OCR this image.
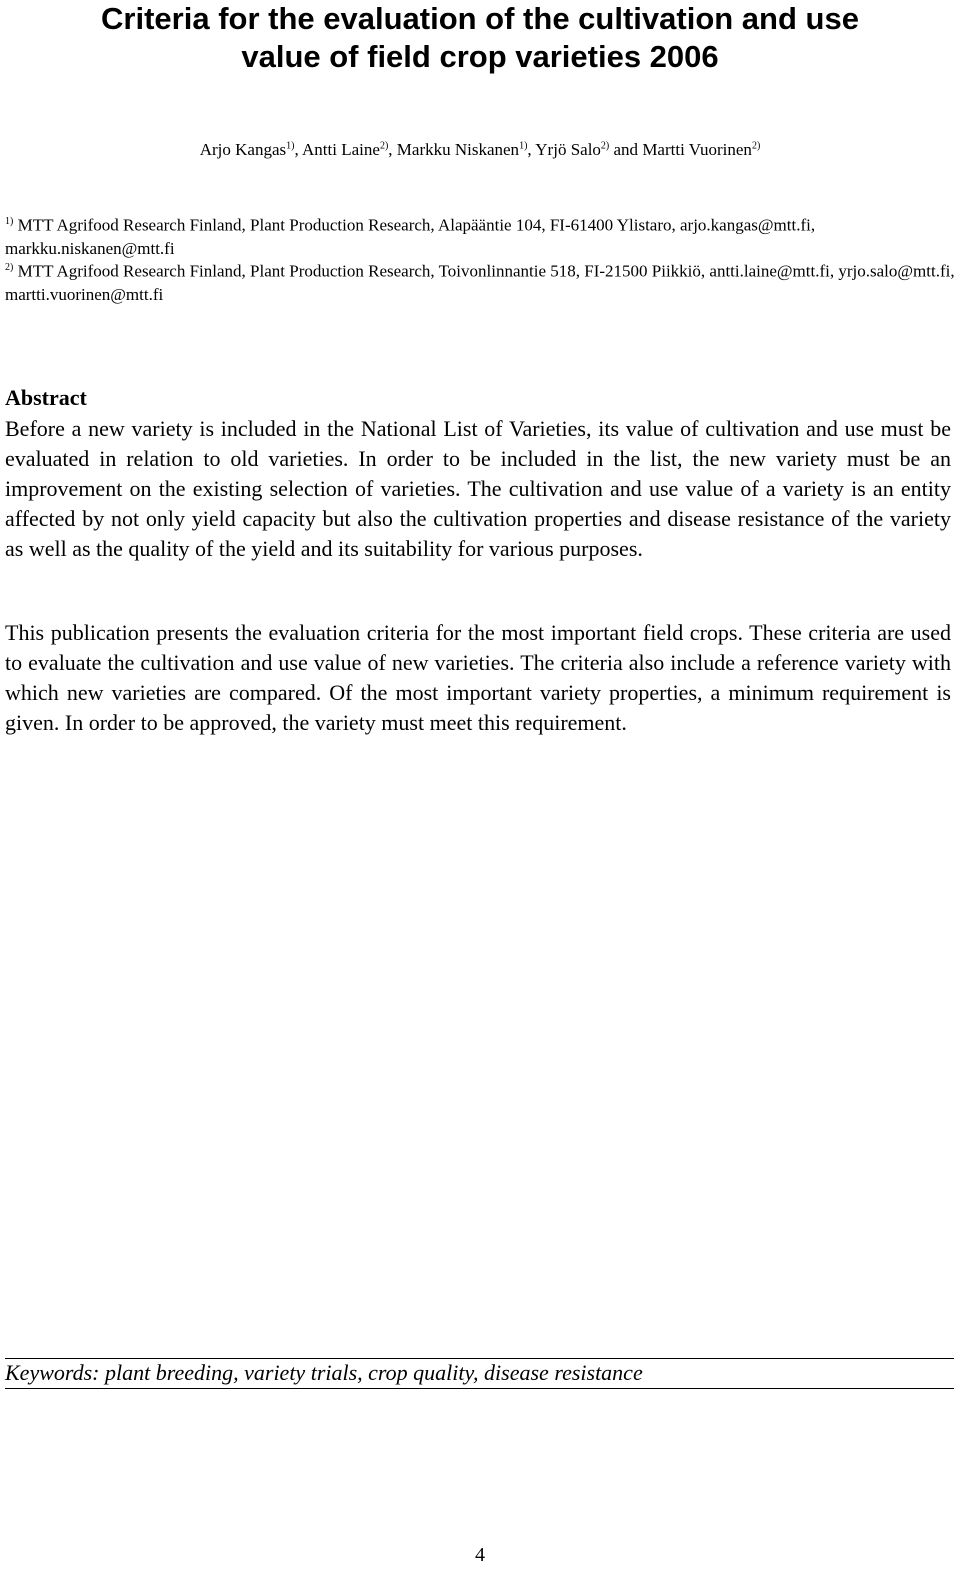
Criteria for the evaluation of the cultivation and use
value of field crop varieties 2006
Arjo Kangas$^{1)}$, Antti Laine$^{2)}$, Markku Niskanen$^{1)}$, Yrjö Salo$^{2)}$ and Martti Vuorinen$^{2)}$
$^{1)}$ MTT Agrifood Research Finland, Plant Production Research, Alapääntie 104, FI-61400 Ylistaro, arjo.kangas@mtt.fi, markku.niskanen@mtt.fi
$^{2)}$ MTT Agrifood Research Finland, Plant Production Research, Toivonlinnantie 518, FI-21500 Piikkiö, antti.laine@mtt.fi, yrjo.salo@mtt.fi, martti.vuorinen@mtt.fi
Abstract

Before a new variety is included in the National List of Varieties, its value of cultivation and use must be evaluated in relation to old varieties. In order to be included in the list, the new variety must be an improvement on the existing selection of varieties. The cultivation and use value of a variety is an entity affected by not only yield capacity but also the cultivation properties and disease resistance of the variety as well as the quality of the yield and its suitability for various purposes.

This publication presents the evaluation criteria for the most important field crops. These criteria are used to evaluate the cultivation and use value of new varieties. The criteria also include a reference variety with which new varieties are compared. Of the most important variety properties, a minimum requirement is given. In order to be approved, the variety must meet this requirement.

Keywords: plant breeding, variety trials, crop quality, disease resistance
4
